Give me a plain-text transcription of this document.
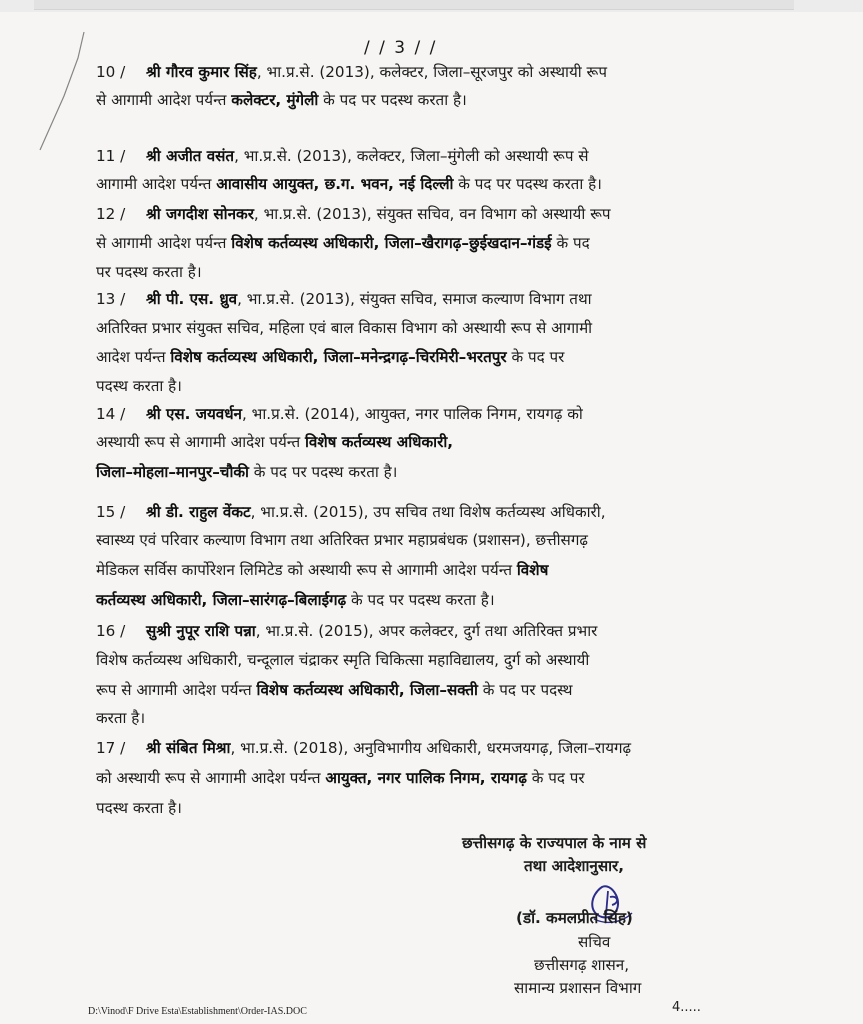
/ / 3 / /
10 / श्री गौरव कुमार सिंह, भा.प्र.से. (2013), कलेक्टर, जिला–सूरजपुर को अस्थायी रूप
से आगामी आदेश पर्यन्त कलेक्टर, मुंगेली के पद पर पदस्थ करता है।
11 / श्री अजीत वसंत, भा.प्र.से. (2013), कलेक्टर, जिला–मुंगेली को अस्थायी रूप से
आगामी आदेश पर्यन्त आवासीय आयुक्त, छ.ग. भवन, नई दिल्ली के पद पर पदस्थ करता है।
12 / श्री जगदीश सोनकर, भा.प्र.से. (2013), संयुक्त सचिव, वन विभाग को अस्थायी रूप
से आगामी आदेश पर्यन्त विशेष कर्तव्यस्थ अधिकारी, जिला–खैरागढ़–छुईखदान–गंडई के पद
पर पदस्थ करता है।
13 / श्री पी. एस. ध्रुव, भा.प्र.से. (2013), संयुक्त सचिव, समाज कल्याण विभाग तथा
अतिरिक्त प्रभार संयुक्त सचिव, महिला एवं बाल विकास विभाग को अस्थायी रूप से आगामी
आदेश पर्यन्त विशेष कर्तव्यस्थ अधिकारी, जिला–मनेन्द्रगढ़–चिरमिरी–भरतपुर के पद पर
पदस्थ करता है।
14 / श्री एस. जयवर्धन, भा.प्र.से. (2014), आयुक्त, नगर पालिक निगम, रायगढ़ को
अस्थायी रूप से आगामी आदेश पर्यन्त विशेष कर्तव्यस्थ अधिकारी,
जिला–मोहला–मानपुर–चौकी के पद पर पदस्थ करता है।
15 / श्री डी. राहुल वेंकट, भा.प्र.से. (2015), उप सचिव तथा विशेष कर्तव्यस्थ अधिकारी,
स्वास्थ्य एवं परिवार कल्याण विभाग तथा अतिरिक्त प्रभार महाप्रबंधक (प्रशासन), छत्तीसगढ़
मेडिकल सर्विस कार्पोरेशन लिमिटेड को अस्थायी रूप से आगामी आदेश पर्यन्त विशेष
कर्तव्यस्थ अधिकारी, जिला–सारंगढ़–बिलाईगढ़ के पद पर पदस्थ करता है।
16 / सुश्री नुपूर राशि पन्ना, भा.प्र.से. (2015), अपर कलेक्टर, दुर्ग तथा अतिरिक्त प्रभार
विशेष कर्तव्यस्थ अधिकारी, चन्दूलाल चंद्राकर स्मृति चिकित्सा महाविद्यालय, दुर्ग को अस्थायी
रूप से आगामी आदेश पर्यन्त विशेष कर्तव्यस्थ अधिकारी, जिला–सक्ती के पद पर पदस्थ
करता है।
17 / श्री संबित मिश्रा, भा.प्र.से. (2018), अनुविभागीय अधिकारी, धरमजयगढ़, जिला–रायगढ़
को अस्थायी रूप से आगामी आदेश पर्यन्त आयुक्त, नगर पालिक निगम, रायगढ़ के पद पर
पदस्थ करता है।
छत्तीसगढ़ के राज्यपाल के नाम से
तथा आदेशानुसार,
(डॉ. कमलप्रीत सिंह)
सचिव
छत्तीसगढ़ शासन,
सामान्य प्रशासन विभाग
D:\Vinod\F Drive Esta\Establishment\Order-IAS.DOC	4.....
